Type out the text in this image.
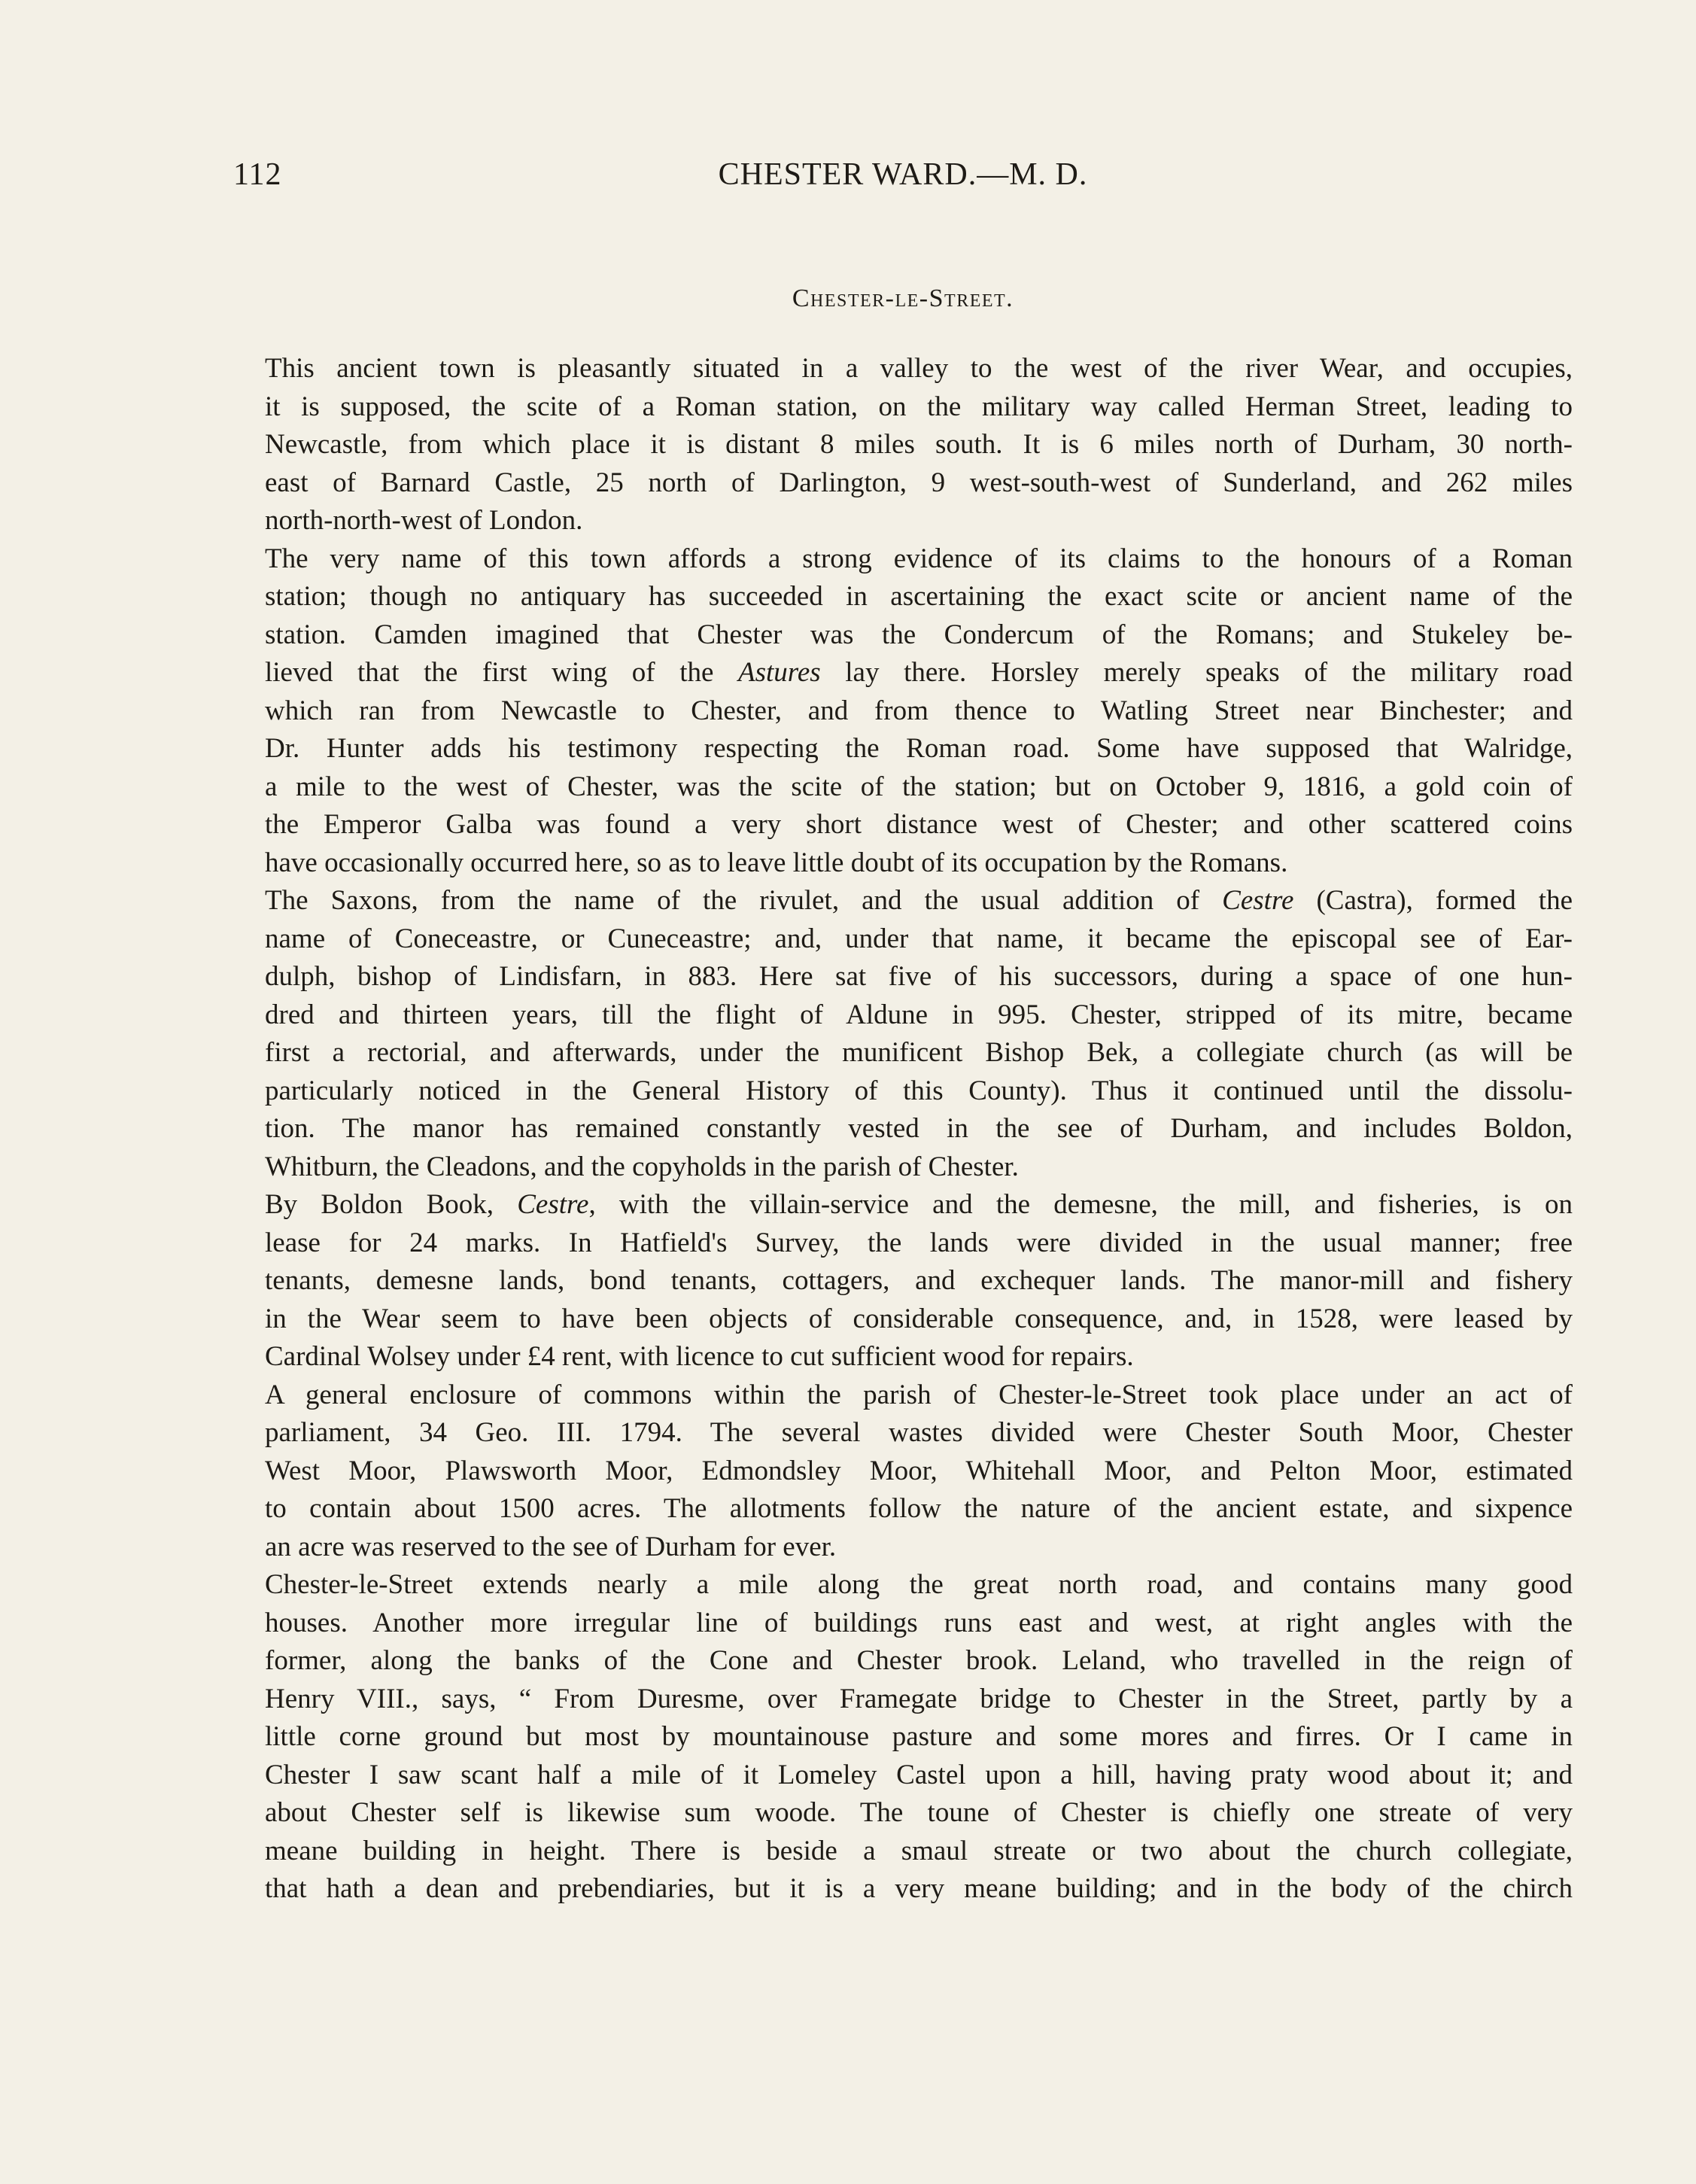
112	CHESTER WARD.—M. D.
Chester-le-Street.

This ancient town is pleasantly situated in a valley to the west of the river Wear, and occupies,
it is supposed, the scite of a Roman station, on the military way called Herman Street, leading to
Newcastle, from which place it is distant 8 miles south. It is 6 miles north of Durham, 30 north-
east of Barnard Castle, 25 north of Darlington, 9 west-south-west of Sunderland, and 262 miles
north-north-west of London.

The very name of this town affords a strong evidence of its claims to the honours of a Roman
station; though no antiquary has succeeded in ascertaining the exact scite or ancient name of the
station. Camden imagined that Chester was the Condercum of the Romans; and Stukeley be-
lieved that the first wing of the Astures lay there. Horsley merely speaks of the military road
which ran from Newcastle to Chester, and from thence to Watling Street near Binchester; and
Dr. Hunter adds his testimony respecting the Roman road. Some have supposed that Walridge,
a mile to the west of Chester, was the scite of the station; but on October 9, 1816, a gold coin of
the Emperor Galba was found a very short distance west of Chester; and other scattered coins
have occasionally occurred here, so as to leave little doubt of its occupation by the Romans.

The Saxons, from the name of the rivulet, and the usual addition of Cestre (Castra), formed the
name of Coneceastre, or Cuneceastre; and, under that name, it became the episcopal see of Ear-
dulph, bishop of Lindisfarn, in 883. Here sat five of his successors, during a space of one hun-
dred and thirteen years, till the flight of Aldune in 995. Chester, stripped of its mitre, became
first a rectorial, and afterwards, under the munificent Bishop Bek, a collegiate church (as will be
particularly noticed in the General History of this County). Thus it continued until the dissolu-
tion. The manor has remained constantly vested in the see of Durham, and includes Boldon,
Whitburn, the Cleadons, and the copyholds in the parish of Chester.

By Boldon Book, Cestre, with the villain-service and the demesne, the mill, and fisheries, is on
lease for 24 marks. In Hatfield's Survey, the lands were divided in the usual manner; free
tenants, demesne lands, bond tenants, cottagers, and exchequer lands. The manor-mill and fishery
in the Wear seem to have been objects of considerable consequence, and, in 1528, were leased by
Cardinal Wolsey under £4 rent, with licence to cut sufficient wood for repairs.

A general enclosure of commons within the parish of Chester-le-Street took place under an act of
parliament, 34 Geo. III. 1794. The several wastes divided were Chester South Moor, Chester
West Moor, Plawsworth Moor, Edmondsley Moor, Whitehall Moor, and Pelton Moor, estimated
to contain about 1500 acres. The allotments follow the nature of the ancient estate, and sixpence
an acre was reserved to the see of Durham for ever.

Chester-le-Street extends nearly a mile along the great north road, and contains many good
houses. Another more irregular line of buildings runs east and west, at right angles with the
former, along the banks of the Cone and Chester brook. Leland, who travelled in the reign of
Henry VIII., says, “ From Duresme, over Framegate bridge to Chester in the Street, partly by a
little corne ground but most by mountainouse pasture and some mores and firres. Or I came in
Chester I saw scant half a mile of it Lomeley Castel upon a hill, having praty wood about it; and
about Chester self is likewise sum woode. The toune of Chester is chiefly one streate of very
meane building in height. There is beside a smaul streate or two about the church collegiate,
that hath a dean and prebendiaries, but it is a very meane building; and in the body of the chirch
